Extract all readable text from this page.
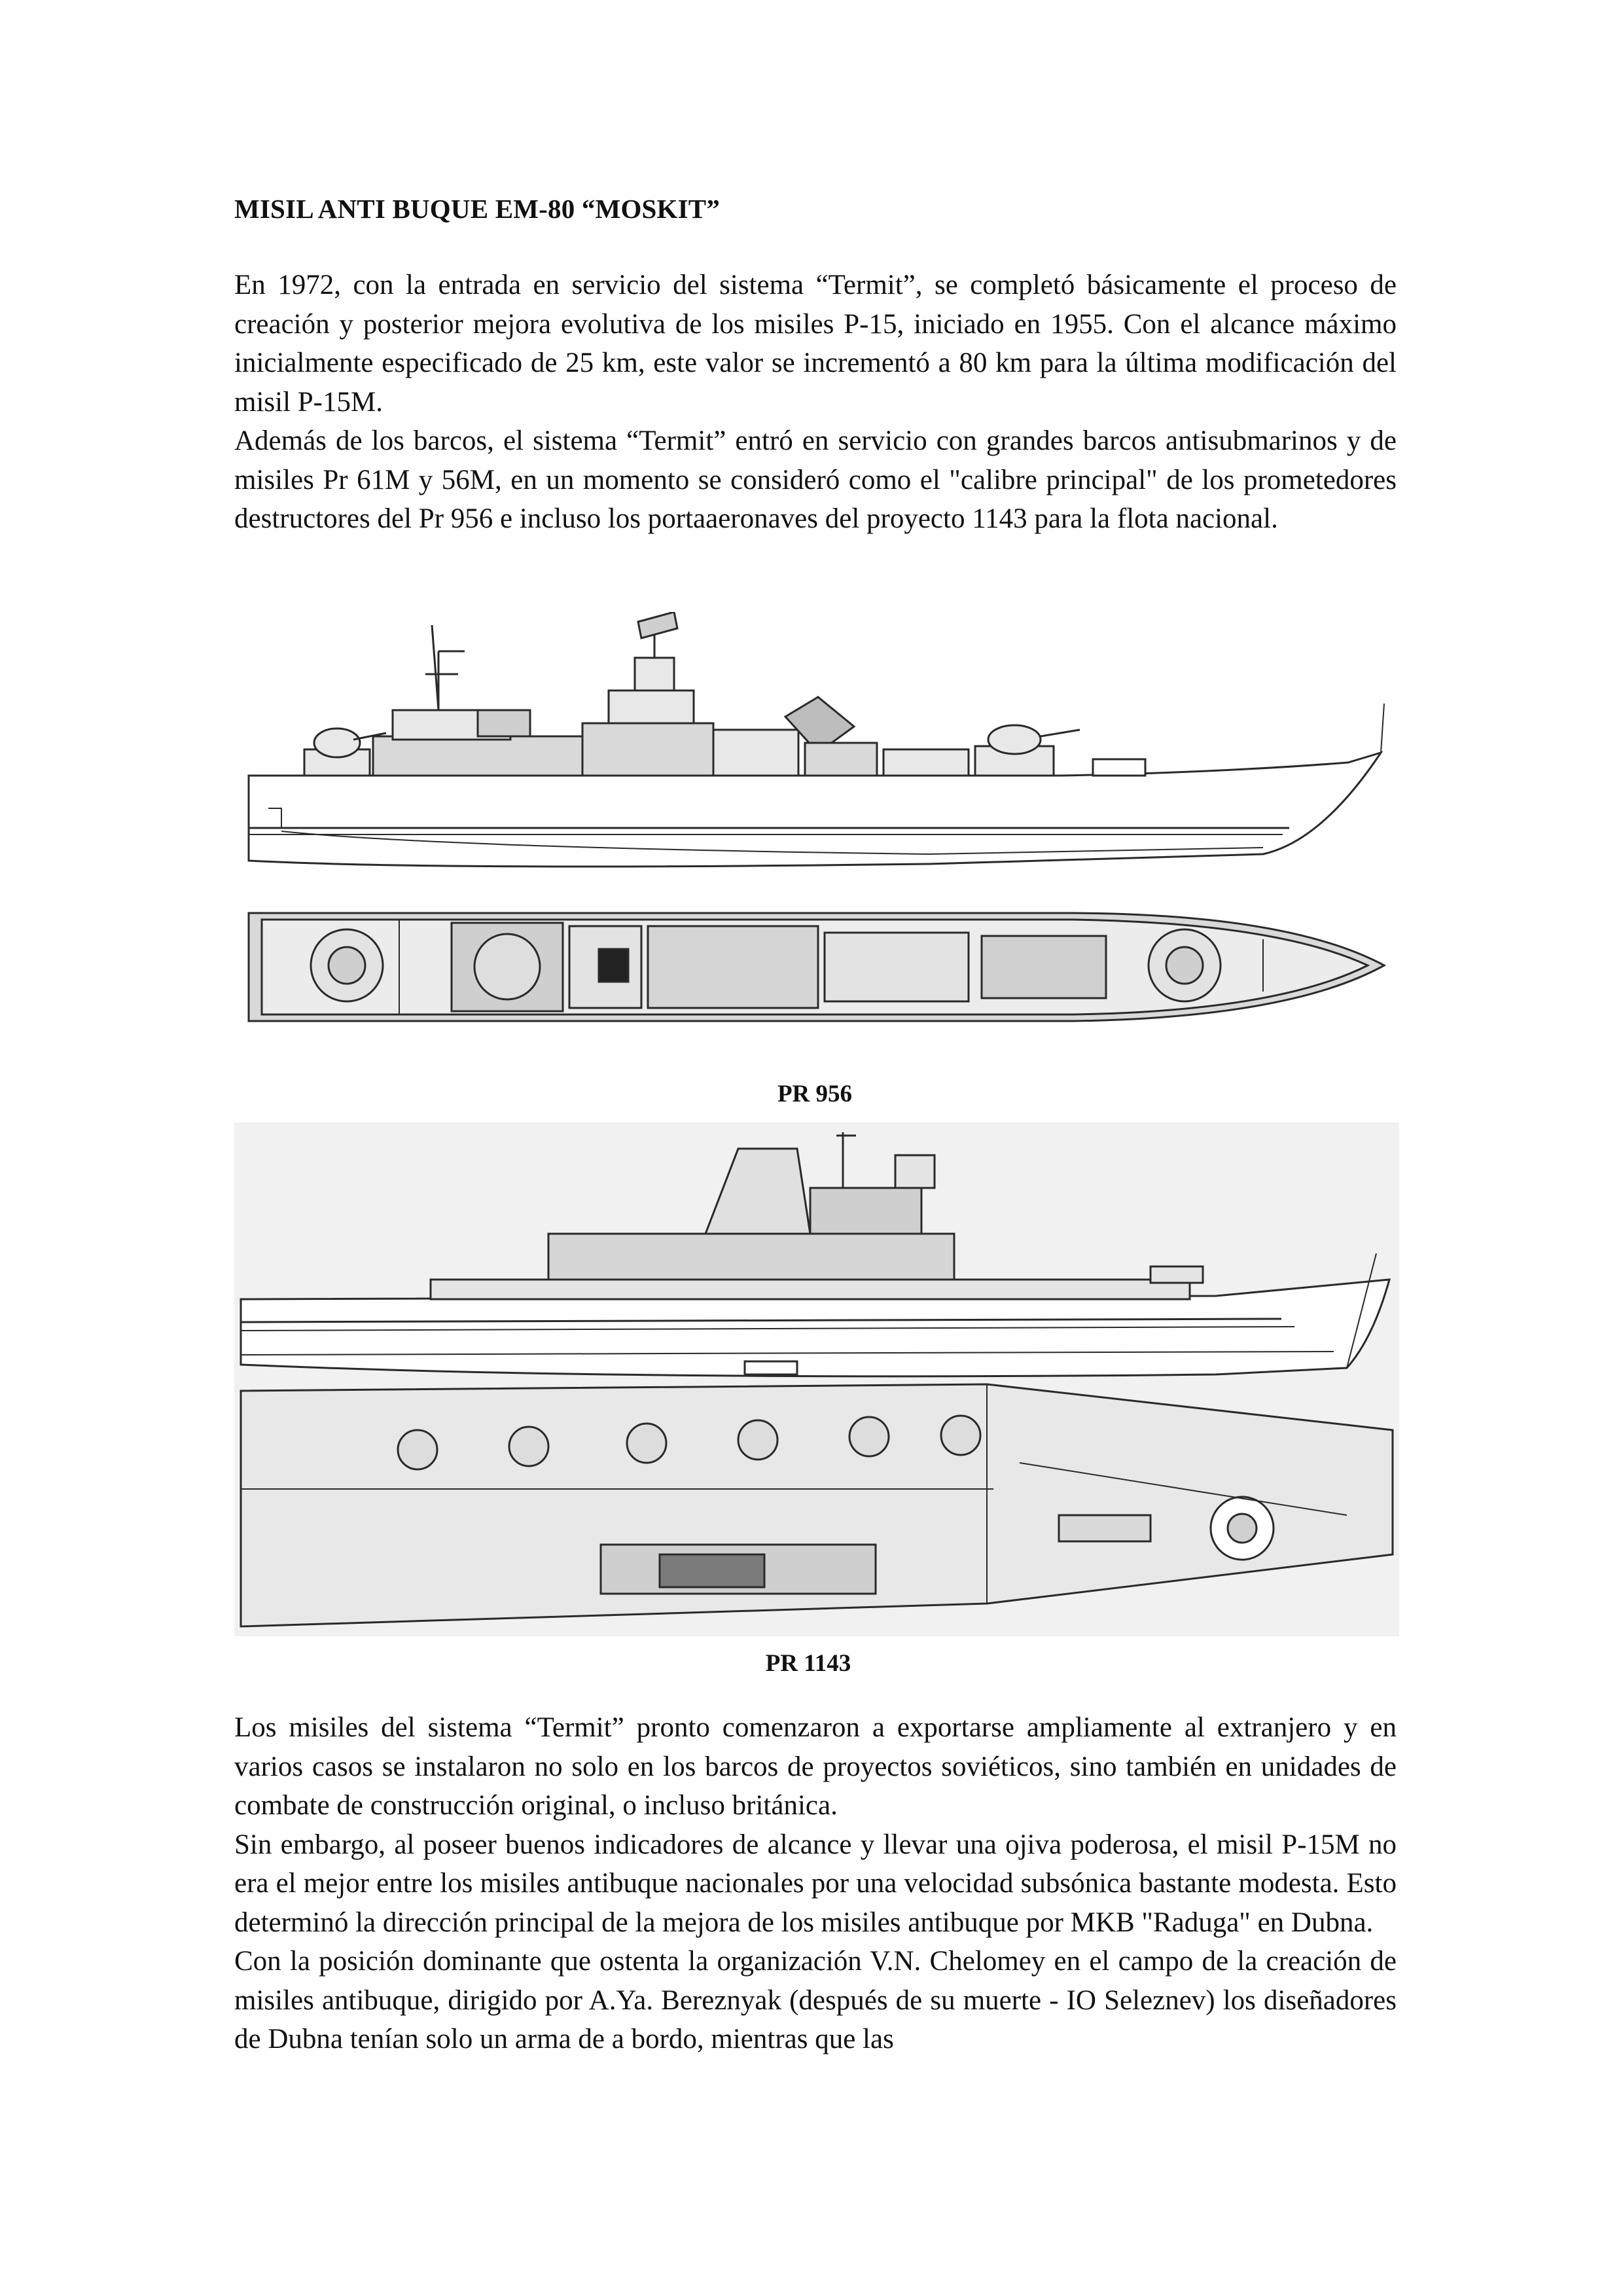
MISIL ANTI BUQUE EM-80 “MOSKIT”

En 1972, con la entrada en servicio del sistema “Termit”, se completó básicamente el proceso de creación y posterior mejora evolutiva de los misiles P-15, iniciado en 1955. Con el alcance máximo inicialmente especificado de 25 km, este valor se incrementó a 80 km para la última modificación del misil P-15M.

Además de los barcos, el sistema “Termit” entró en servicio con grandes barcos antisubmarinos y de misiles Pr 61M y 56M, en un momento se consideró como el "calibre principal" de los prometedores destructores del Pr 956 e incluso los portaaeronaves del proyecto 1143 para la flota nacional.

PR 956
PR 1143

Los misiles del sistema “Termit” pronto comenzaron a exportarse ampliamente al extranjero y en varios casos se instalaron no solo en los barcos de proyectos soviéticos, sino también en unidades de combate de construcción original, o incluso británica.

Sin embargo, al poseer buenos indicadores de alcance y llevar una ojiva poderosa, el misil P-15M no era el mejor entre los misiles antibuque nacionales por una velocidad subsónica bastante modesta. Esto determinó la dirección principal de la mejora de los misiles antibuque por MKB "Raduga" en Dubna.

Con la posición dominante que ostenta la organización V.N. Chelomey en el campo de la creación de misiles antibuque, dirigido por A.Ya. Bereznyak (después de su muerte - IO Seleznev) los diseñadores de Dubna tenían solo un arma de a bordo, mientras que las
